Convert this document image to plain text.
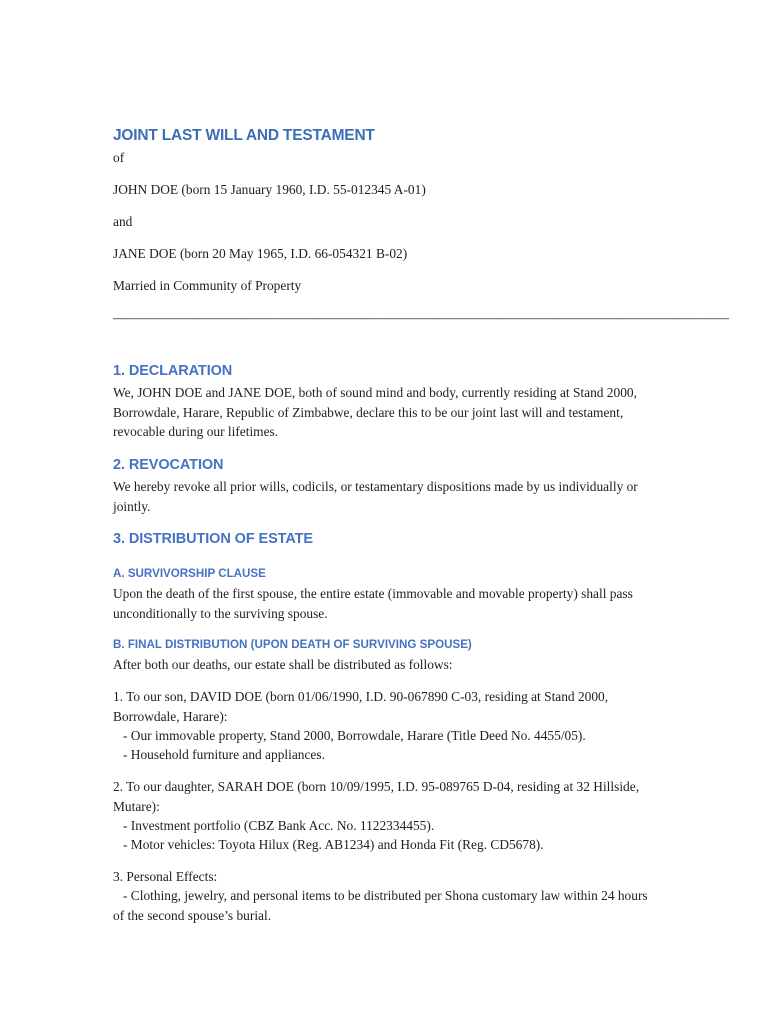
JOINT LAST WILL AND TESTAMENT

of

JOHN DOE (born 15 January 1960, I.D. 55-012345 A-01)

and

JANE DOE (born 20 May 1965, I.D. 66-054321 B-02)

Married in Community of Property

——————————————————————————————————————————————

1. DECLARATION

We, JOHN DOE and JANE DOE, both of sound mind and body, currently residing at Stand 2000, Borrowdale, Harare, Republic of Zimbabwe, declare this to be our joint last will and testament, revocable during our lifetimes.

2. REVOCATION

We hereby revoke all prior wills, codicils, or testamentary dispositions made by us individually or jointly.

3. DISTRIBUTION OF ESTATE
A. SURVIVORSHIP CLAUSE

Upon the death of the first spouse, the entire estate (immovable and movable property) shall pass unconditionally to the surviving spouse.

B. FINAL DISTRIBUTION (UPON DEATH OF SURVIVING SPOUSE)

After both our deaths, our estate shall be distributed as follows:

1. To our son, DAVID DOE (born 01/06/1990, I.D. 90-067890 C-03, residing at Stand 2000, Borrowdale, Harare):

- Our immovable property, Stand 2000, Borrowdale, Harare (Title Deed No. 4455/05).

- Household furniture and appliances.

2. To our daughter, SARAH DOE (born 10/09/1995, I.D. 95-089765 D-04, residing at 32 Hillside, Mutare):

- Investment portfolio (CBZ Bank Acc. No. 1122334455).

- Motor vehicles: Toyota Hilux (Reg. AB1234) and Honda Fit (Reg. CD5678).

3. Personal Effects:

- Clothing, jewelry, and personal items to be distributed per Shona customary law within 24 hours of the second spouse’s burial.
